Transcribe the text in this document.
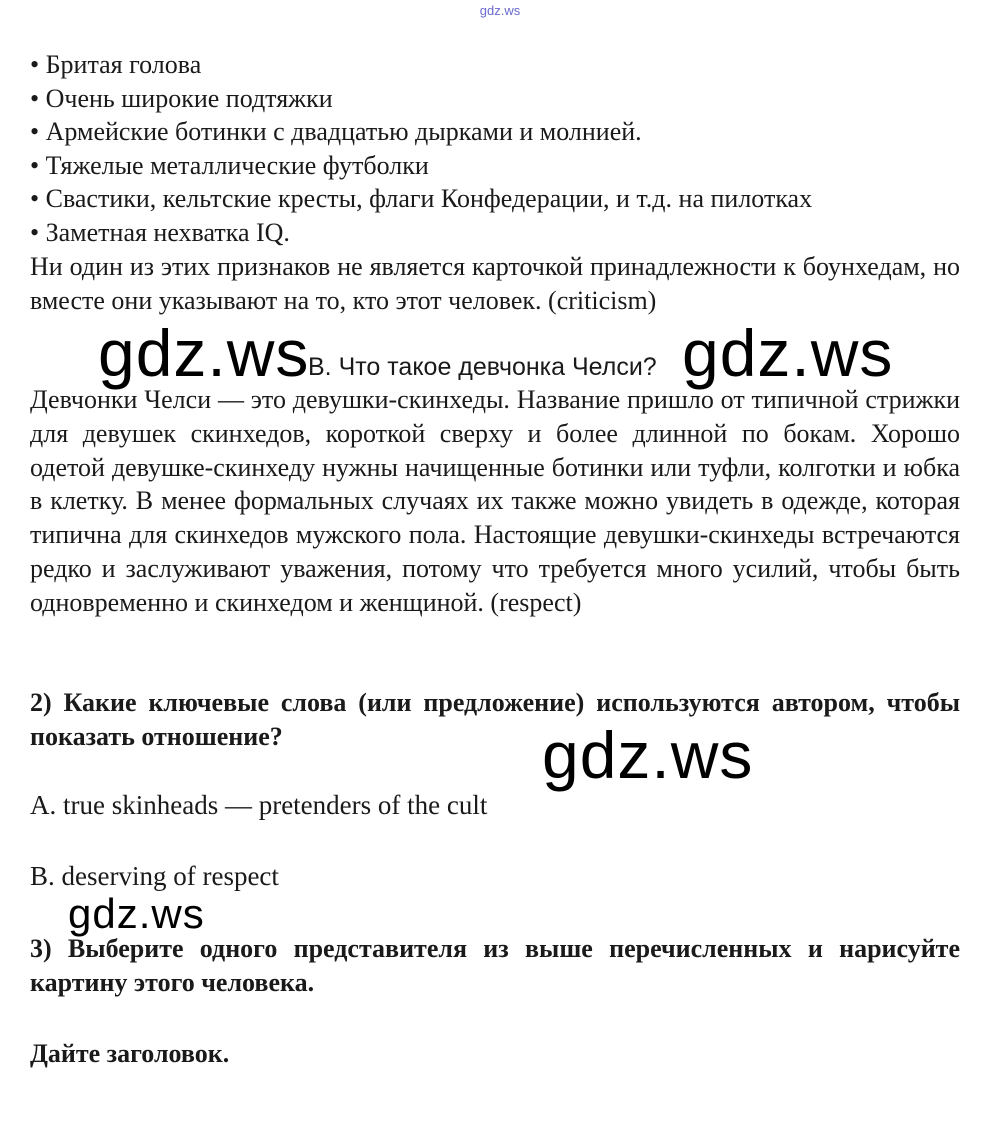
gdz.ws
• Бритая голова
• Очень широкие подтяжки
• Армейские ботинки с двадцатью дырками и молнией.
• Тяжелые металлические футболки
• Свастики, кельтские кресты, флаги Конфедерации, и т.д. на пилотках
• Заметная нехватка IQ.
Ни один из этих признаков не является карточкой принадлежности к боунхедам, но вместе они указывают на то, кто этот человек. (criticism)
В. Что такое девчонка Челси?
Девчонки Челси — это девушки-скинхеды. Название пришло от типичной стрижки для девушек скинхедов, короткой сверху и более длинной по бокам. Хорошо одетой девушке-скинхеду нужны начищенные ботинки или туфли, колготки и юбка в клетку. В менее формальных случаях их также можно увидеть в одежде, которая типична для скинхедов мужского пола. Настоящие девушки-скинхеды встречаются редко и заслуживают уважения, потому что требуется много усилий, чтобы быть одновременно и скинхедом и женщиной. (respect)
2) Какие ключевые слова (или предложение) используются автором, чтобы показать отношение?
A. true skinheads — pretenders of the cult
B. deserving of respect
3) Выберите одного представителя из выше перечисленных и нарисуйте картину этого человека.
Дайте заголовок.
gdz.ws	gdz.ws
gdz.ws
gdz.ws
